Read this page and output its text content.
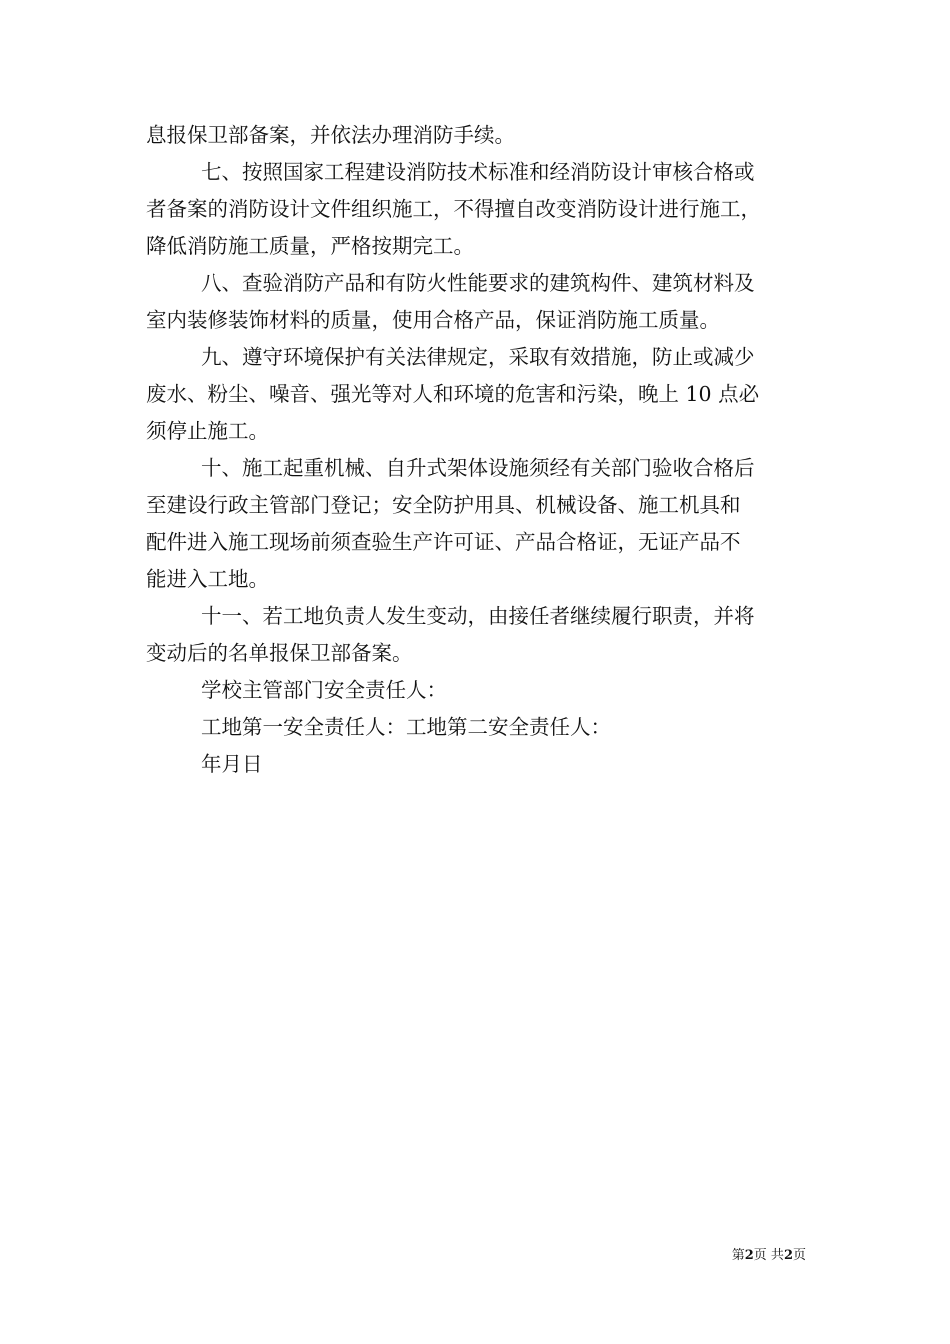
息报保卫部备案，并依法办理消防手续。

七、按照国家工程建设消防技术标准和经消防设计审核合格或
者备案的消防设计文件组织施工，不得擅自改变消防设计进行施工，
降低消防施工质量，严格按期完工。

八、查验消防产品和有防火性能要求的建筑构件、建筑材料及
室内装修装饰材料的质量，使用合格产品，保证消防施工质量。

九、遵守环境保护有关法律规定，采取有效措施，防止或减少
废水、粉尘、噪音、强光等对人和环境的危害和污染，晚上 10 点必
须停止施工。

十、施工起重机械、自升式架体设施须经有关部门验收合格后
至建设行政主管部门登记；安全防护用具、机械设备、施工机具和
配件进入施工现场前须查验生产许可证、产品合格证，无证产品不
能进入工地。

十一、若工地负责人发生变动，由接任者继续履行职责，并将
变动后的名单报保卫部备案。

学校主管部门安全责任人：

工地第一安全责任人：工地第二安全责任人：

年月日

第2页 共2页
